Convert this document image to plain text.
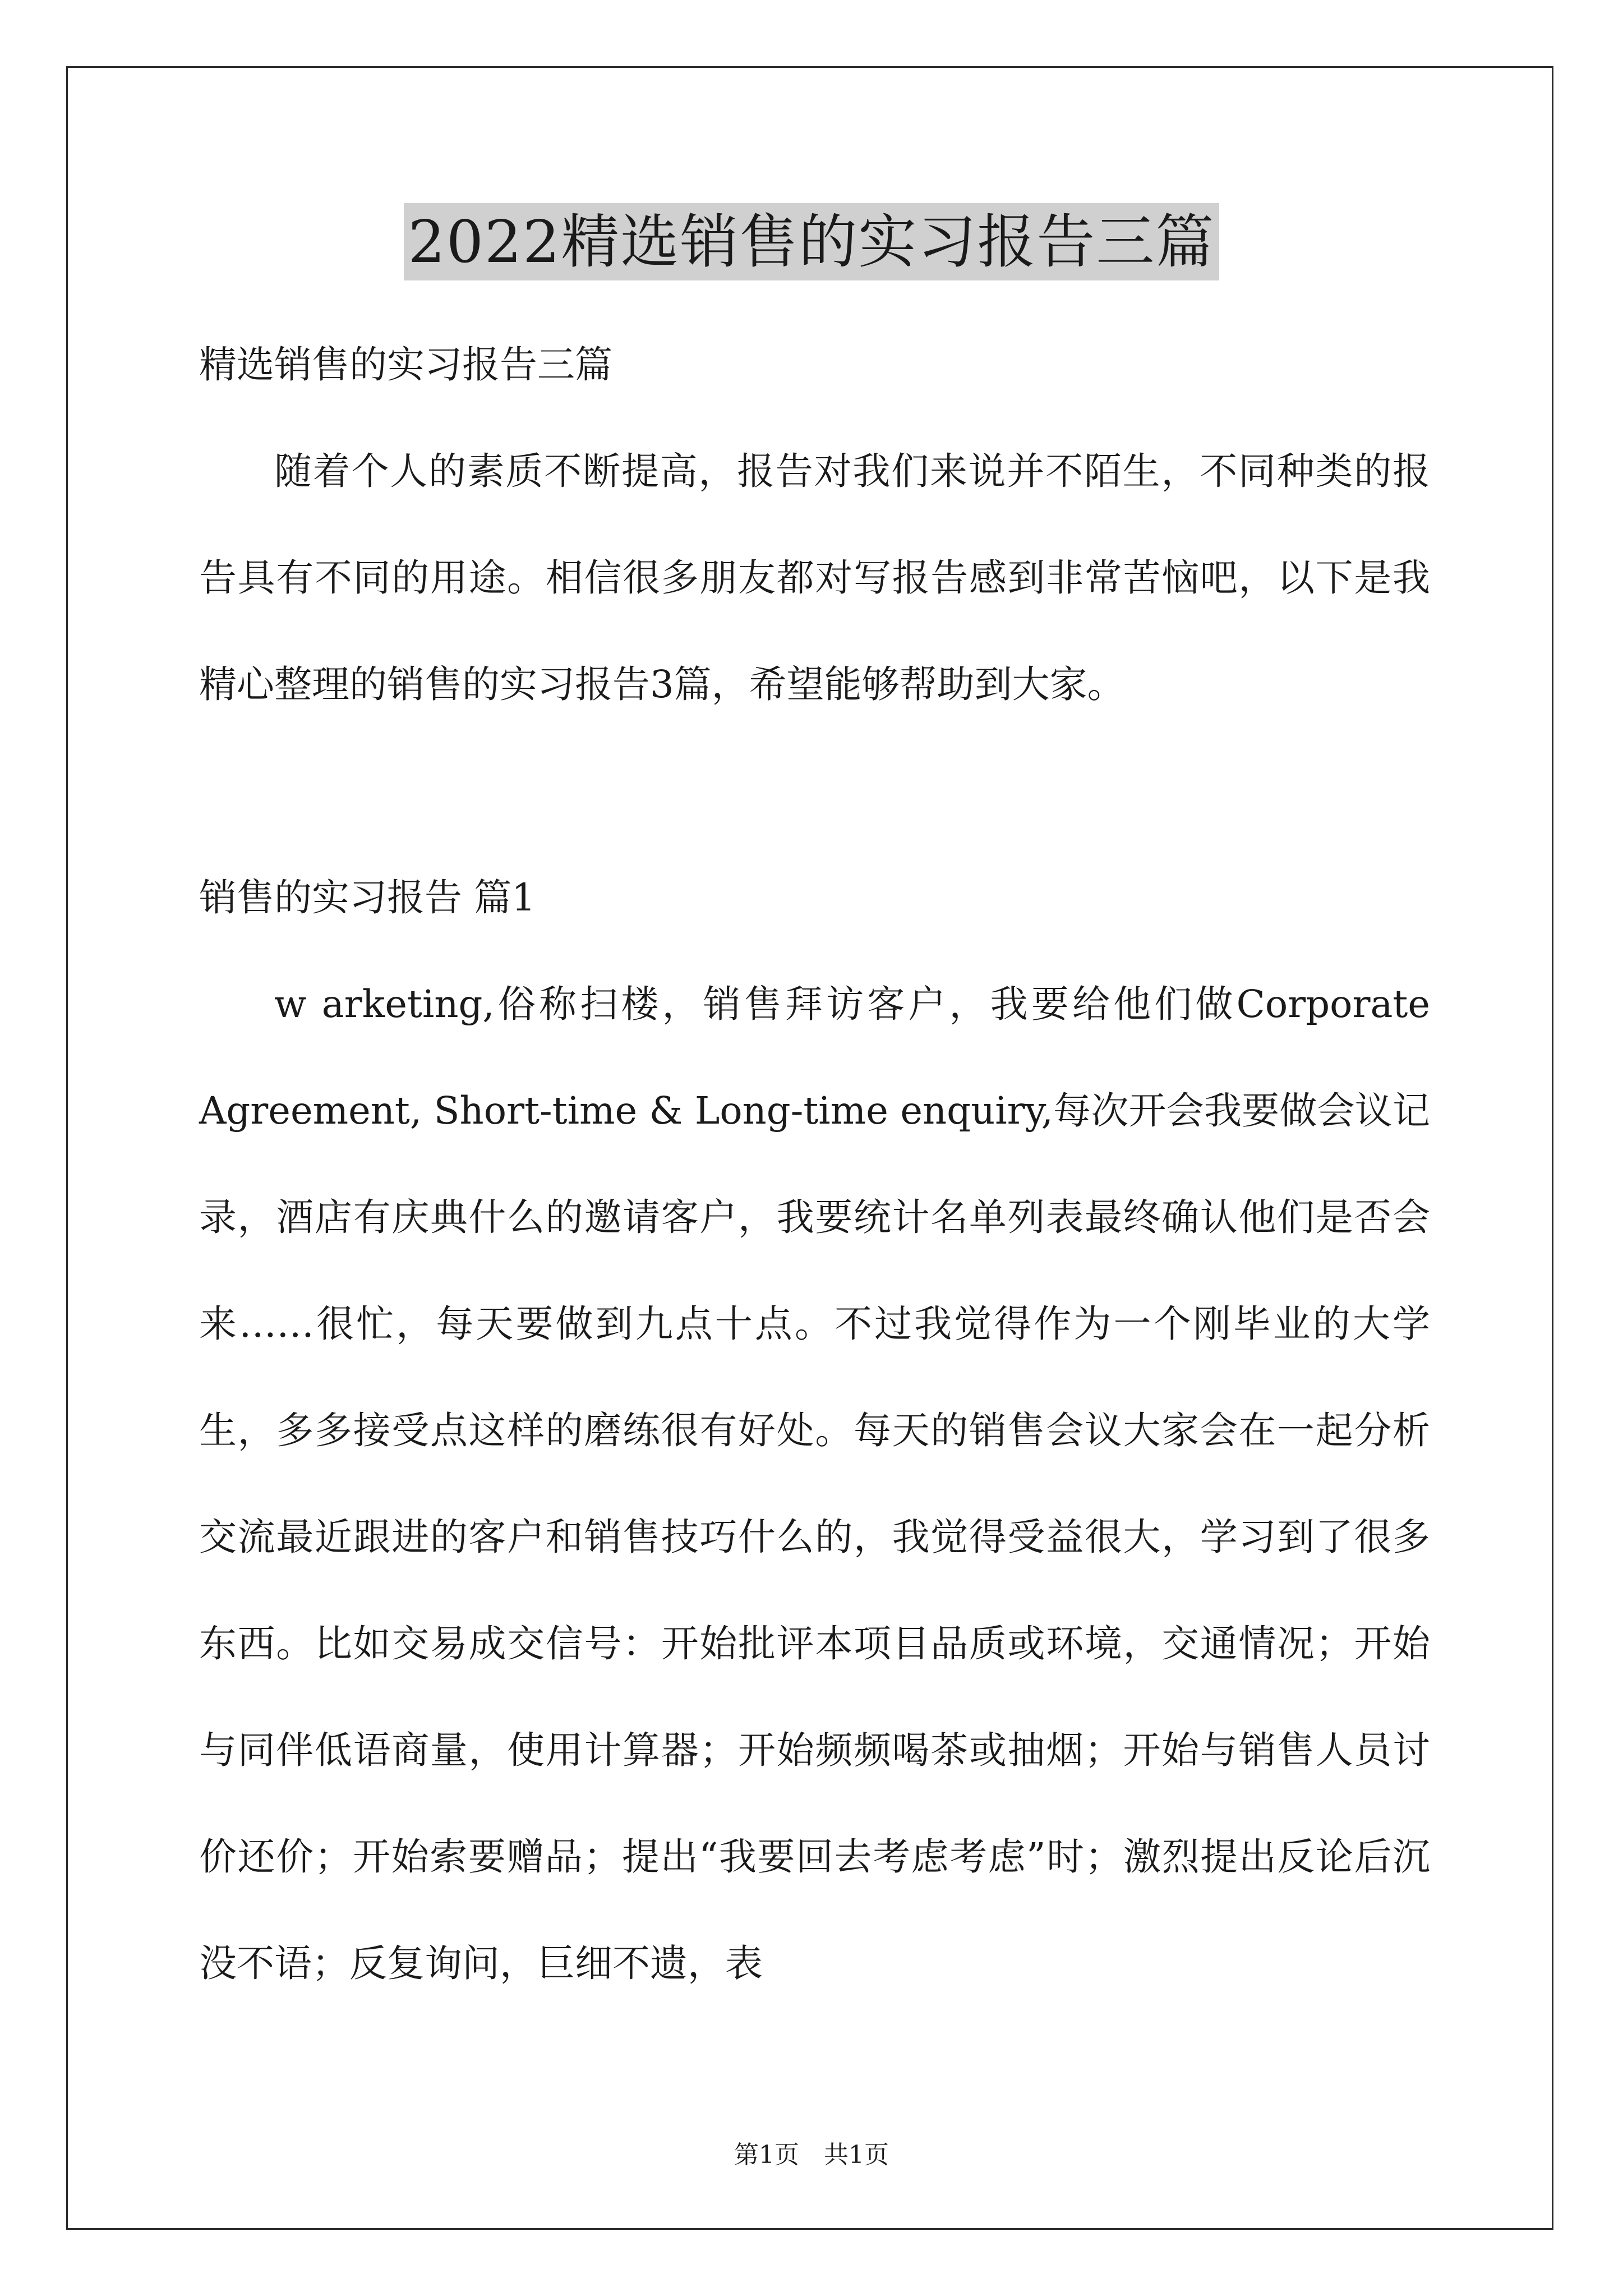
2022精选销售的实习报告三篇

精选销售的实习报告三篇

随着个人的素质不断提高，报告对我们来说并不陌生，不同种类的报告具有不同的用途。相信很多朋友都对写报告感到非常苦恼吧，以下是我精心整理的销售的实习报告3篇，希望能够帮助到大家。

销售的实习报告 篇1

w arketing,俗称扫楼，销售拜访客户，我要给他们做Corporate Agreement, Short-time & Long-time enquiry,每次开会我要做会议记录，酒店有庆典什么的邀请客户，我要统计名单列表最终确认他们是否会来……很忙，每天要做到九点十点。不过我觉得作为一个刚毕业的大学生，多多接受点这样的磨练很有好处。每天的销售会议大家会在一起分析交流最近跟进的客户和销售技巧什么的，我觉得受益很大，学习到了很多东西。比如交易成交信号：开始批评本项目品质或环境，交通情况；开始与同伴低语商量，使用计算器；开始频频喝茶或抽烟；开始与销售人员讨价还价；开始索要赠品；提出“我要回去考虑考虑”时；激烈提出反论后沉没不语；反复询问，巨细不遗，表

第1页　共1页
